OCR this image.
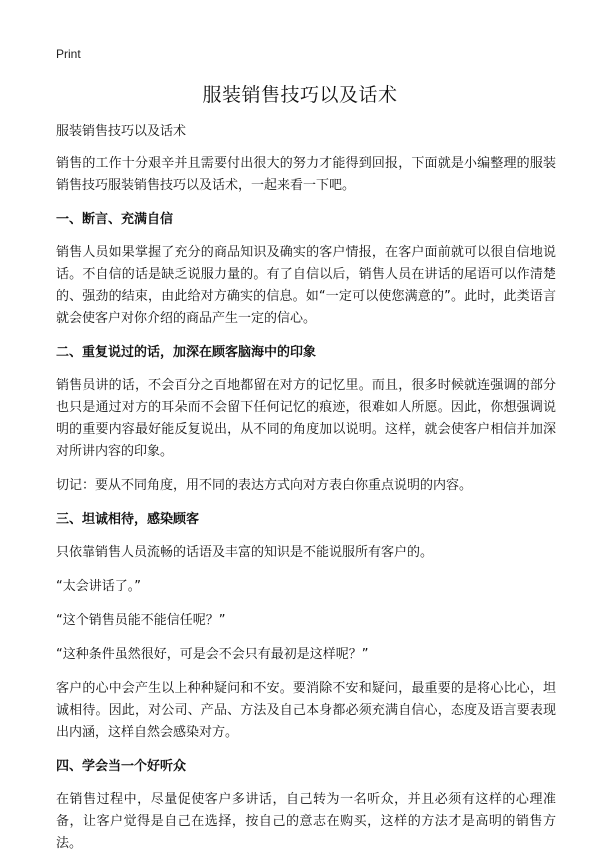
Print
服装销售技巧以及话术

服装销售技巧以及话术

销售的工作十分艰辛并且需要付出很大的努力才能得到回报，下面就是小编整理的服装销售技巧服装销售技巧以及话术，一起来看一下吧。

一、断言、充满自信

销售人员如果掌握了充分的商品知识及确实的客户情报，在客户面前就可以很自信地说话。不自信的话是缺乏说服力量的。有了自信以后，销售人员在讲话的尾语可以作清楚的、强劲的结束，由此给对方确实的信息。如“一定可以使您满意的”。此时，此类语言就会使客户对你介绍的商品产生一定的信心。

二、重复说过的话，加深在顾客脑海中的印象

销售员讲的话，不会百分之百地都留在对方的记忆里。而且，很多时候就连强调的部分也只是通过对方的耳朵而不会留下任何记忆的痕迹，很难如人所愿。因此，你想强调说明的重要内容最好能反复说出，从不同的角度加以说明。这样，就会使客户相信并加深对所讲内容的印象。

切记：要从不同角度，用不同的表达方式向对方表白你重点说明的内容。

三、坦诚相待，感染顾客

只依靠销售人员流畅的话语及丰富的知识是不能说服所有客户的。

“太会讲话了。”

“这个销售员能不能信任呢？”

“这种条件虽然很好，可是会不会只有最初是这样呢？”

客户的心中会产生以上种种疑问和不安。要消除不安和疑问，最重要的是将心比心，坦诚相待。因此，对公司、产品、方法及自己本身都必须充满自信心，态度及语言要表现出内涵，这样自然会感染对方。

四、学会当一个好听众

在销售过程中，尽量促使客户多讲话，自己转为一名听众，并且必须有这样的心理准备，让客户觉得是自己在选择，按自己的意志在购买，这样的方法才是高明的销售方法。
